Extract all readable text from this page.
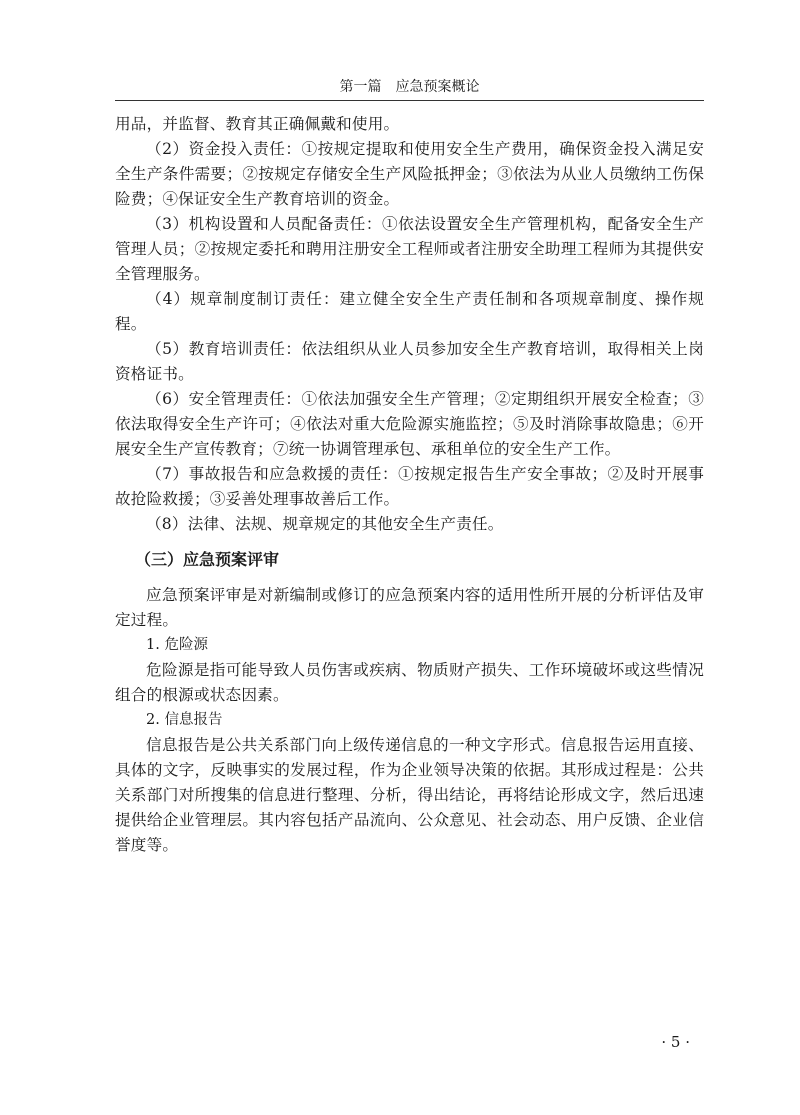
第一篇　应急预案概论

用品，并监督、教育其正确佩戴和使用。

（2）资金投入责任：①按规定提取和使用安全生产费用，确保资金投入满足安全生产条件需要；②按规定存储安全生产风险抵押金；③依法为从业人员缴纳工伤保险费；④保证安全生产教育培训的资金。

（3）机构设置和人员配备责任：①依法设置安全生产管理机构，配备安全生产管理人员；②按规定委托和聘用注册安全工程师或者注册安全助理工程师为其提供安全管理服务。

（4）规章制度制订责任：建立健全安全生产责任制和各项规章制度、操作规程。

（5）教育培训责任：依法组织从业人员参加安全生产教育培训，取得相关上岗资格证书。

（6）安全管理责任：①依法加强安全生产管理；②定期组织开展安全检查；③依法取得安全生产许可；④依法对重大危险源实施监控；⑤及时消除事故隐患；⑥开展安全生产宣传教育；⑦统一协调管理承包、承租单位的安全生产工作。

（7）事故报告和应急救援的责任：①按规定报告生产安全事故；②及时开展事故抢险救援；③妥善处理事故善后工作。

（8）法律、法规、规章规定的其他安全生产责任。

（三）应急预案评审

应急预案评审是对新编制或修订的应急预案内容的适用性所开展的分析评估及审定过程。

1. 危险源

危险源是指可能导致人员伤害或疾病、物质财产损失、工作环境破坏或这些情况组合的根源或状态因素。

2. 信息报告

信息报告是公共关系部门向上级传递信息的一种文字形式。信息报告运用直接、具体的文字，反映事实的发展过程，作为企业领导决策的依据。其形成过程是：公共关系部门对所搜集的信息进行整理、分析，得出结论，再将结论形成文字，然后迅速提供给企业管理层。其内容包括产品流向、公众意见、社会动态、用户反馈、企业信誉度等。

· 5 ·
